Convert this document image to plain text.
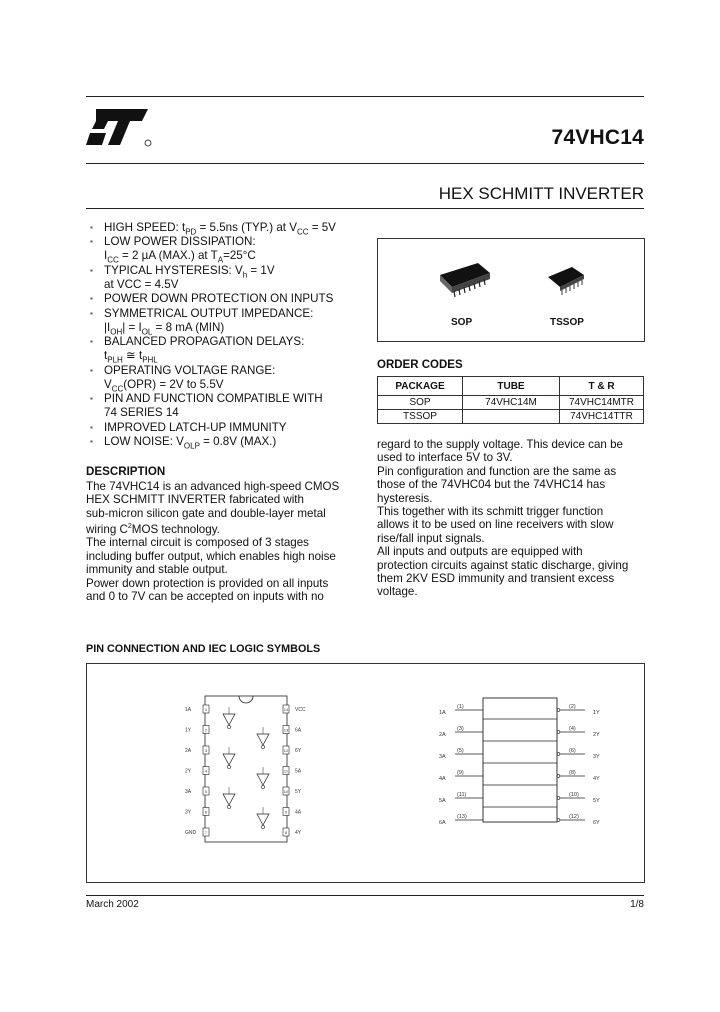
74VHC14
HEX SCHMITT INVERTER
▪ HIGH SPEED: $t_{PD} = 5.5ns$ (TYP.) at $V_{CC} = 5V$
▪ LOW POWER DISSIPATION:
$I_{CC} = 2$ µA (MAX.) at $T_A=25^\circ C$
▪ TYPICAL HYSTERESIS: $V_h = 1V$
at VCC = 4.5V
▪ POWER DOWN PROTECTION ON INPUTS
▪ SYMMETRICAL OUTPUT IMPEDANCE:
$|I_{OH}| = I_{OL} = 8$ mA (MIN)
▪ BALANCED PROPAGATION DELAYS:
$t_{PLH}$ ≅ $t_{PHL}$
▪ OPERATING VOLTAGE RANGE:
$V_{CC}(OPR) = 2V$ to 5.5V
▪ PIN AND FUNCTION COMPATIBLE WITH
74 SERIES 14
▪ IMPROVED LATCH-UP IMMUNITY
▪ LOW NOISE: $V_{OLP} = 0.8V$ (MAX.)
SOP	TSSOP
ORDER CODES
PACKAGE	TUBE	T & R
SOP	74VHC14M	74VHC14MTR
TSSOP		74VHC14TTR
DESCRIPTION
The 74VHC14 is an advanced high-speed CMOS
HEX SCHMITT INVERTER fabricated with
sub-micron silicon gate and double-layer metal
wiring $C^2MOS$ technology.
The internal circuit is composed of 3 stages
including buffer output, which enables high noise
immunity and stable output.
Power down protection is provided on all inputs
and 0 to 7V can be accepted on inputs with no
regard to the supply voltage. This device can be
used to interface 5V to 3V.
Pin configuration and function are the same as
those of the 74VHC04 but the 74VHC14 has
hysteresis.
This together with its schmitt trigger function
allows it to be used on line receivers with slow
rise/fall input signals.
All inputs and outputs are equipped with
protection circuits against static discharge, giving
them 2KV ESD immunity and transient excess
voltage.
PIN CONNECTION AND IEC LOGIC SYMBOLS
1A	1	14 VCC
1Y	2	13 6A
2A	3	12 6Y
2Y	4	11 5A
3A	5	10 5Y
3Y	6	9 4A
GND 7	8 4Y
1A
(1)	(2)
1Y
2A
(3)	(4)
2Y
3A
(5)	(6)
3Y
4A
(9)	(8)
4Y
5A
(11)	(10)
5Y
6A
(13)	(12)
6Y
March 2002	1/8
